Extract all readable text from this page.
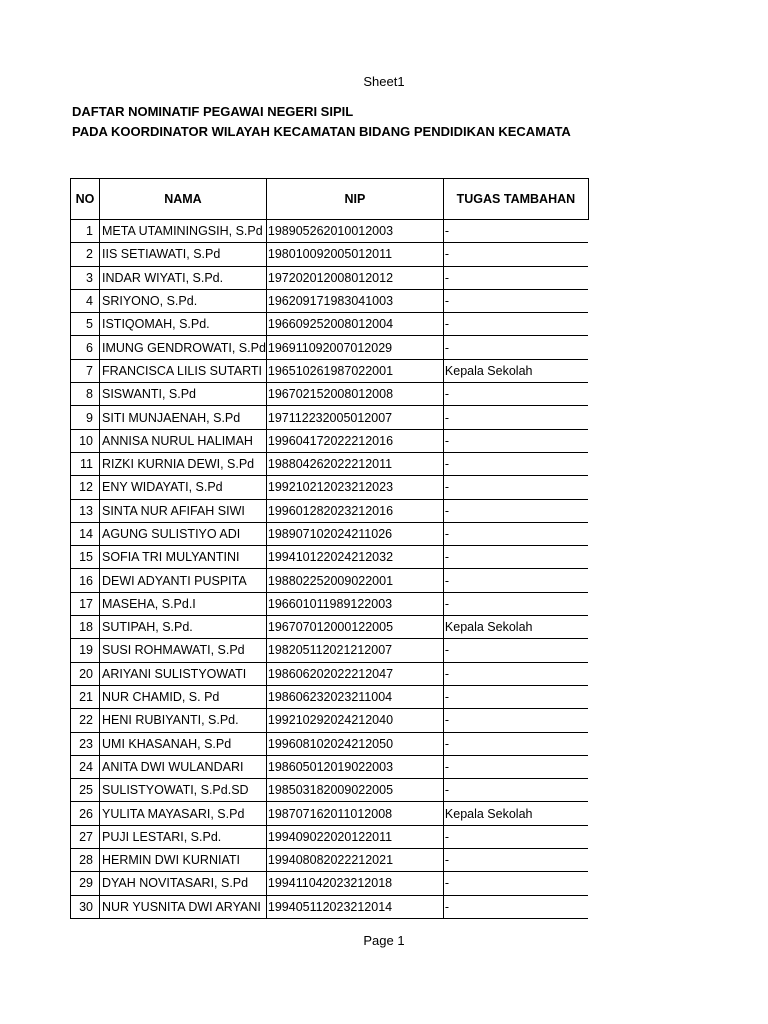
Sheet1
DAFTAR NOMINATIF PEGAWAI NEGERI SIPIL
PADA KOORDINATOR WILAYAH KECAMATAN BIDANG PENDIDIKAN KECAMATA
NO	NAMA	NIP	TUGAS TAMBAHAN
1	META UTAMININGSIH, S.Pd	198905262010012003	-
2	IIS SETIAWATI, S.Pd	198010092005012011	-
3	INDAR WIYATI, S.Pd.	197202012008012012	-
4	SRIYONO, S.Pd.	196209171983041003	-
5	ISTIQOMAH, S.Pd.	196609252008012004	-
6	IMUNG GENDROWATI, S.Pd	196911092007012029	-
7	FRANCISCA LILIS SUTARTI	196510261987022001	Kepala Sekolah
8	SISWANTI, S.Pd	196702152008012008	-
9	SITI MUNJAENAH, S.Pd	197112232005012007	-
10	ANNISA NURUL HALIMAH	199604172022212016	-
11	RIZKI KURNIA DEWI, S.Pd	198804262022212011	-
12	ENY WIDAYATI, S.Pd	199210212023212023	-
13	SINTA NUR AFIFAH SIWI	199601282023212016	-
14	AGUNG SULISTIYO ADI	198907102024211026	-
15	SOFIA TRI MULYANTINI	199410122024212032	-
16	DEWI ADYANTI PUSPITA	198802252009022001	-
17	MASEHA, S.Pd.I	196601011989122003	-
18	SUTIPAH, S.Pd.	196707012000122005	Kepala Sekolah
19	SUSI ROHMAWATI, S.Pd	198205112021212007	-
20	ARIYANI SULISTYOWATI	198606202022212047	-
21	NUR CHAMID, S. Pd	198606232023211004	-
22	HENI RUBIYANTI, S.Pd.	199210292024212040	-
23	UMI KHASANAH, S.Pd	199608102024212050	-
24	ANITA DWI WULANDARI	198605012019022003	-
25	SULISTYOWATI, S.Pd.SD	198503182009022005	-
26	YULITA MAYASARI, S.Pd	198707162011012008	Kepala Sekolah
27	PUJI LESTARI, S.Pd.	199409022020122011	-
28	HERMIN DWI KURNIATI	199408082022212021	-
29	DYAH NOVITASARI, S.Pd	199411042023212018	-
30	NUR YUSNITA DWI ARYANI	199405112023212014	-
Page 1
